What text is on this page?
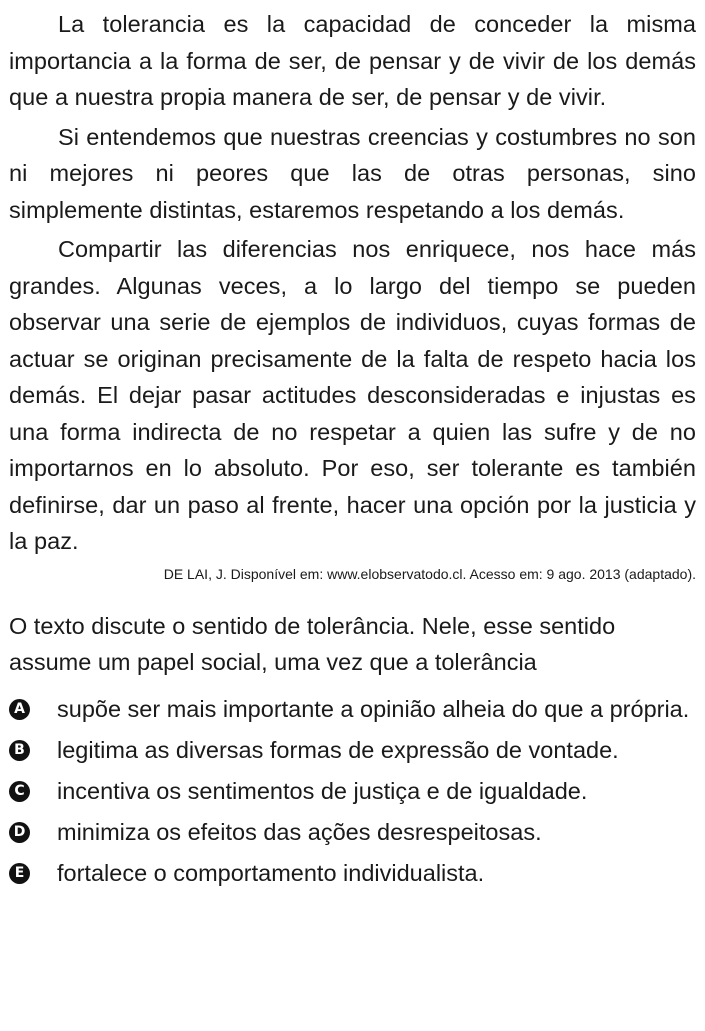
La tolerancia es la capacidad de conceder la misma importancia a la forma de ser, de pensar y de vivir de los demás que a nuestra propia manera de ser, de pensar y de vivir.

Si entendemos que nuestras creencias y costumbres no son ni mejores ni peores que las de otras personas, sino simplemente distintas, estaremos respetando a los demás.

Compartir las diferencias nos enriquece, nos hace más grandes. Algunas veces, a lo largo del tiempo se pueden observar una serie de ejemplos de individuos, cuyas formas de actuar se originan precisamente de la falta de respeto hacia los demás. El dejar pasar actitudes desconsideradas e injustas es una forma indirecta de no respetar a quien las sufre y de no importarnos en lo absoluto. Por eso, ser tolerante es también definirse, dar un paso al frente, hacer una opción por la justicia y la paz.

DE LAI, J. Disponível em: www.elobservatodo.cl. Acesso em: 9 ago. 2013 (adaptado).

O texto discute o sentido de tolerância. Nele, esse sentido assume um papel social, uma vez que a tolerância

A supõe ser mais importante a opinião alheia do que a própria.
B legitima as diversas formas de expressão de vontade.
C incentiva os sentimentos de justiça e de igualdade.
D minimiza os efeitos das ações desrespeitosas.
E fortalece o comportamento individualista.
